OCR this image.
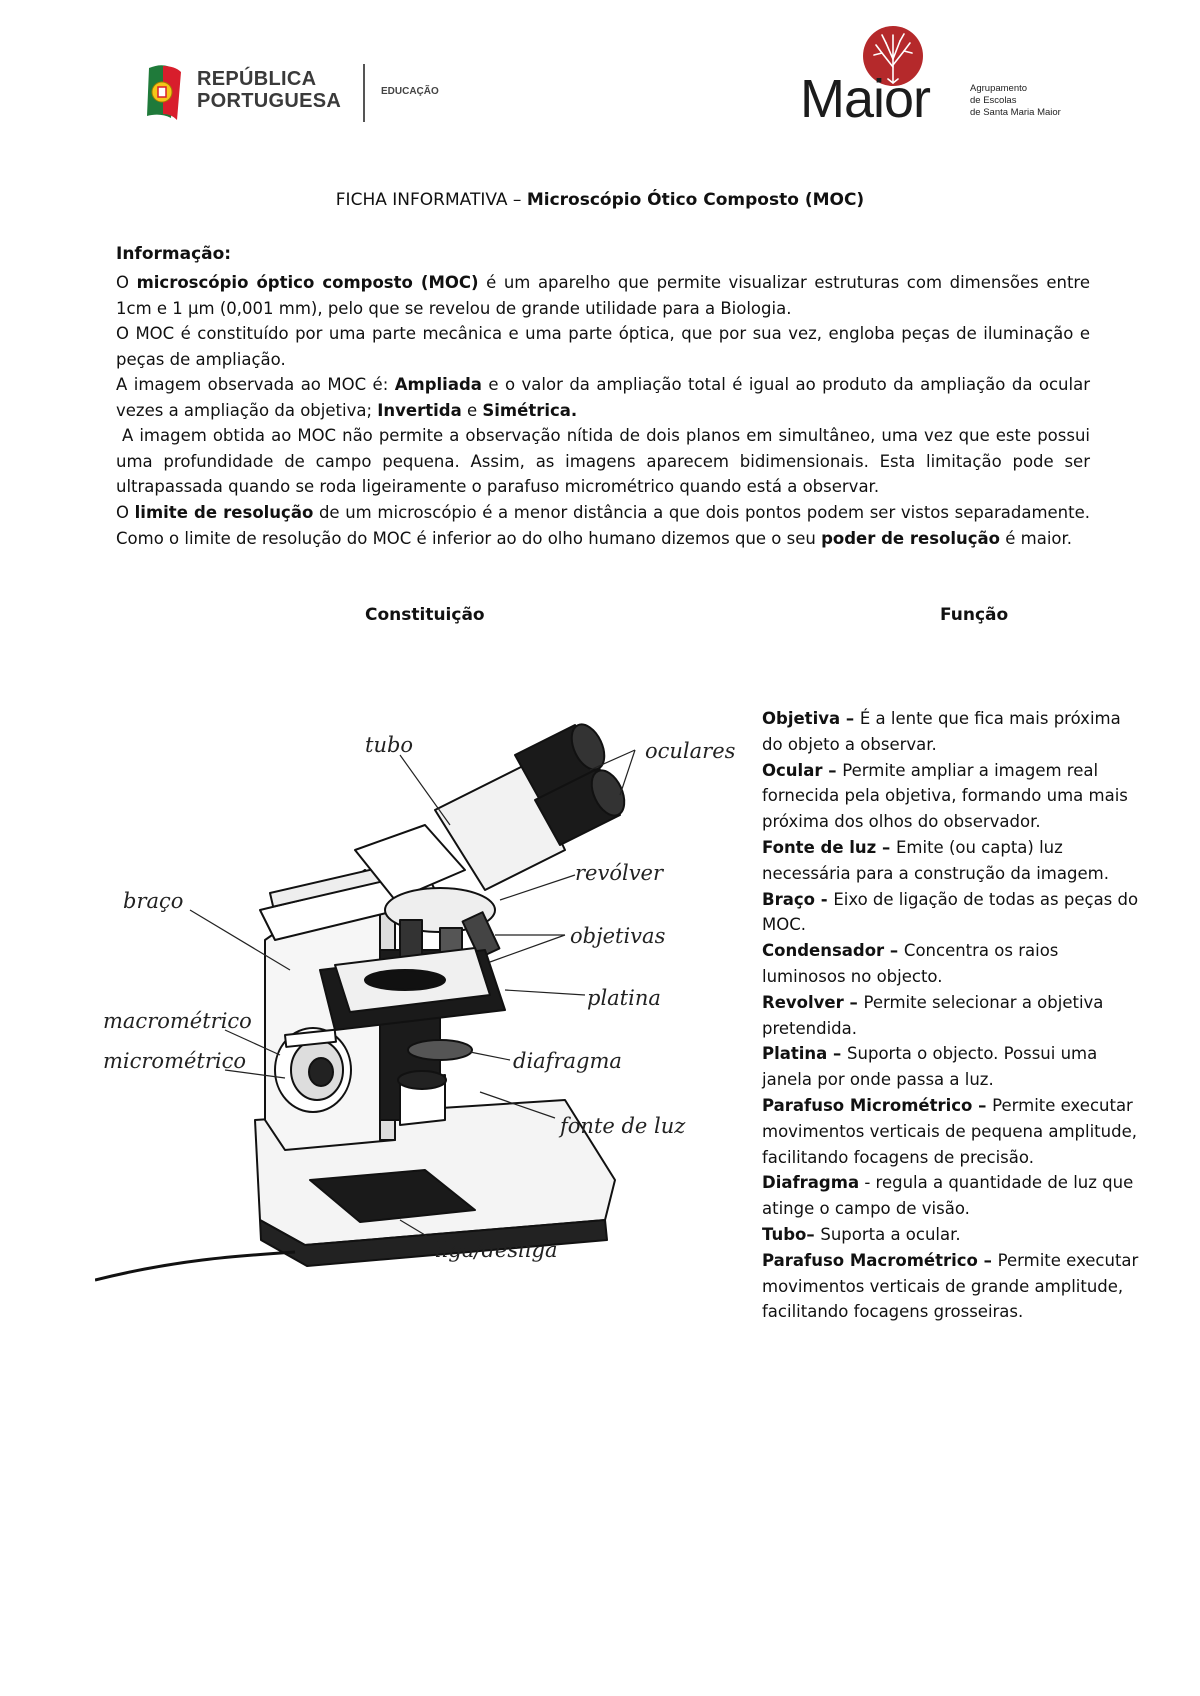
REPÚBLICA
PORTUGUESA	EDUCAÇÃO	Maior	Agrupamento
de Escolas
de Santa Maria Maior
FICHA INFORMATIVA – Microscópio Ótico Composto (MOC)
Informação:

O microscópio óptico composto (MOC) é um aparelho que permite visualizar estruturas com dimensões entre 1cm e 1 µm (0,001 mm), pelo que se revelou de grande utilidade para a Biologia.

O MOC é constituído por uma parte mecânica e uma parte óptica, que por sua vez, engloba peças de iluminação e peças de ampliação.

A imagem observada ao MOC é: Ampliada e o valor da ampliação total é igual ao produto da ampliação da ocular vezes a ampliação da objetiva; Invertida e Simétrica.

A imagem obtida ao MOC não permite a observação nítida de dois planos em simultâneo, uma vez que este possui uma profundidade de campo pequena. Assim, as imagens aparecem bidimensionais. Esta limitação pode ser ultrapassada quando se roda ligeiramente o parafuso micrométrico quando está a observar.

O limite de resolução de um microscópio é a menor distância a que dois pontos podem ser vistos separadamente. Como o limite de resolução do MOC é inferior ao do olho humano dizemos que o seu poder de resolução é maior.

Constituição	Função
tubo	oculares
revólver
braço
objetivas
platina
macrométrico
micrométrico	diafragma
fonte de luz
liga/desliga
Objetiva – É a lente que fica mais próxima do objeto a observar.
Ocular – Permite ampliar a imagem real fornecida pela objetiva, formando uma mais próxima dos olhos do observador.
Fonte de luz – Emite (ou capta) luz necessária para a construção da imagem.
Braço - Eixo de ligação de todas as peças do MOC.
Condensador – Concentra os raios luminosos no objecto.
Revolver – Permite selecionar a objetiva pretendida.
Platina – Suporta o objecto. Possui uma janela por onde passa a luz.
Parafuso Micrométrico – Permite executar movimentos verticais de pequena amplitude, facilitando focagens de precisão.
Diafragma - regula a quantidade de luz que atinge o campo de visão.
Tubo– Suporta a ocular.
Parafuso Macrométrico – Permite executar movimentos verticais de grande amplitude, facilitando focagens grosseiras.
